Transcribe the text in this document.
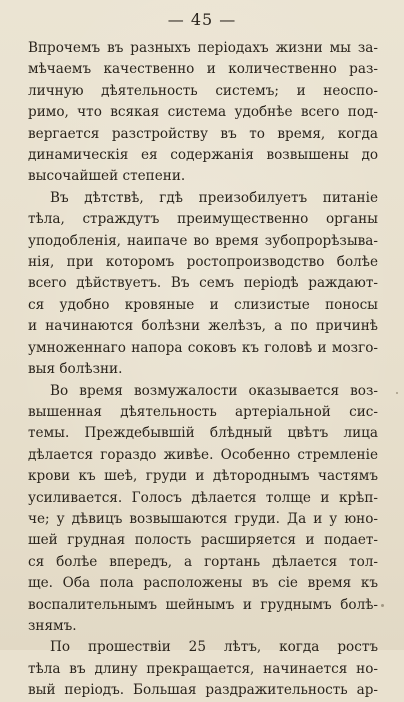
— 45 —
Впрочемъ въ разныхъ періодахъ жизни мы за-
мѣчаемъ качественно и количественно раз-
личную дѣятельность системъ; и неоспо-
римо, что всякая система удобнѣе всего под-
вергается разстройству въ то время, когда
динамическія ея содержанія возвышены до
высочайшей степени.
Въ дѣтствѣ, гдѣ преизобилуетъ питаніе
тѣла, страждутъ преимущественно органы
уподобленія, наипаче во время зубопрорѣзыва-
нія, при которомъ ростопроизводство болѣе
всего дѣйствуетъ. Въ семъ періодѣ раждают-
ся удобно кровяные и слизистые поносы
и начинаются болѣзни желѣзъ, а по причинѣ
умноженнаго напора соковъ къ головѣ и мозго-
выя болѣзни.
Во время возмужалости оказывается воз-
вышенная дѣятельность артеріальной сис-
темы. Преждебывшій блѣдный цвѣтъ лица
дѣлается гораздо живѣе. Особенно стремленіе
крови къ шеѣ, груди и дѣтороднымъ частямъ
усиливается. Голосъ дѣлается толще и крѣп-
че; у дѣвицъ возвышаются груди. Да и у юно-
шей грудная полость расширяется и подает-
ся болѣе впередъ, а гортань дѣлается тол-
ще. Оба пола расположены въ сіе время къ
воспалительнымъ шейнымъ и груднымъ болѣ-
знямъ.
По прошествіи 25 лѣтъ, когда ростъ
тѣла въ длину прекращается, начинается но-
вый періодъ. Большая раздражительность ар-
